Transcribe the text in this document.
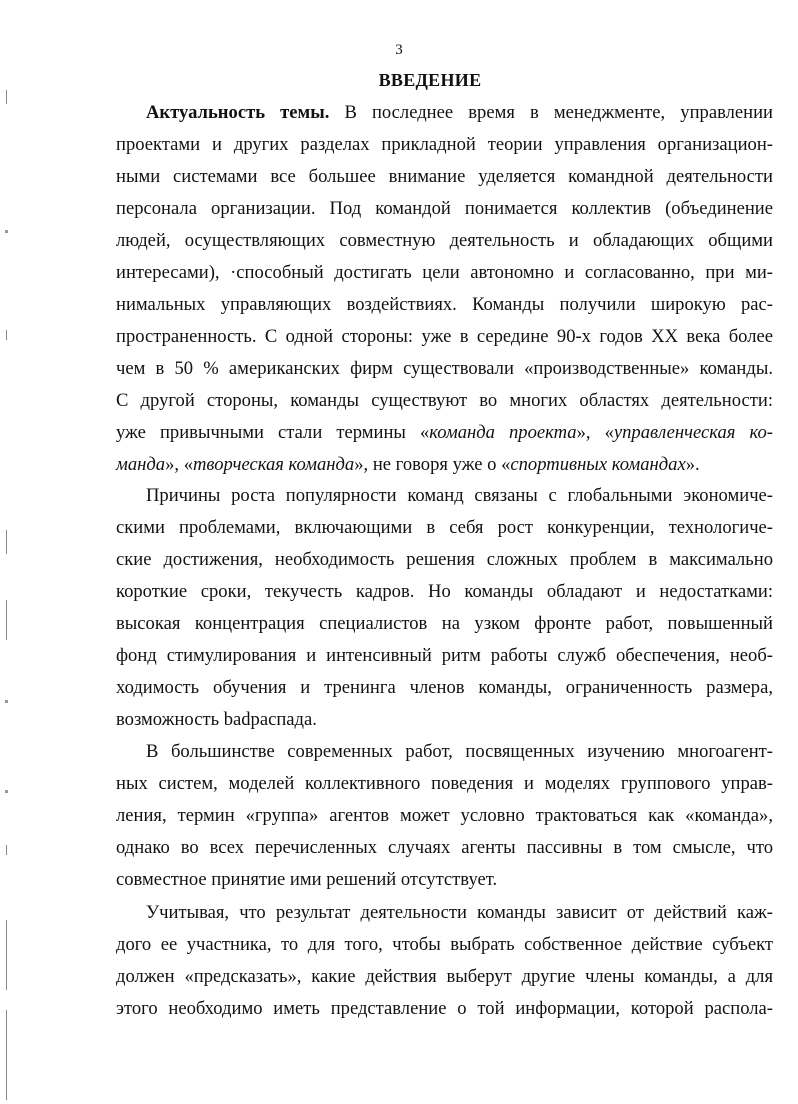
3
ВВЕДЕНИЕ
Актуальность темы. В последнее время в менеджменте, управлении
проектами и других разделах прикладной теории управления организацион-
ными системами все большее внимание уделяется командной деятельности
персонала организации. Под командой понимается коллектив (объединение
людей, осуществляющих совместную деятельность и обладающих общими
интересами), ·способный достигать цели автономно и согласованно, при ми-
нимальных управляющих воздействиях. Команды получили широкую рас-
пространенность. С одной стороны: уже в середине 90-х годов XX века более
чем в 50 % американских фирм существовали «производственные» команды.
С другой стороны, команды существуют во многих областях деятельности:
уже привычными стали термины «команда проекта», «управленческая ко-
манда», «творческая команда», не говоря уже о «спортивных командах».
Причины роста популярности команд связаны с глобальными экономиче-
скими проблемами, включающими в себя рост конкуренции, технологиче-
ские достижения, необходимость решения сложных проблем в максимально
короткие сроки, текучесть кадров. Но команды обладают и недостатками:
высокая концентрация специалистов на узком фронте работ, повышенный
фонд стимулирования и интенсивный ритм работы служб обеспечения, необ-
ходимость обучения и тренинга членов команды, ограниченность размера,
возможность badраспада.
В большинстве современных работ, посвященных изучению многоагент-
ных систем, моделей коллективного поведения и моделях группового управ-
ления, термин «группа» агентов может условно трактоваться как «команда»,
однако во всех перечисленных случаях агенты пассивны в том смысле, что
совместное принятие ими решений отсутствует.
Учитывая, что результат деятельности команды зависит от действий каж-
дого ее участника, то для того, чтобы выбрать собственное действие субъект
должен «предсказать», какие действия выберут другие члены команды, а для
этого необходимо иметь представление о той информации, которой распола-
